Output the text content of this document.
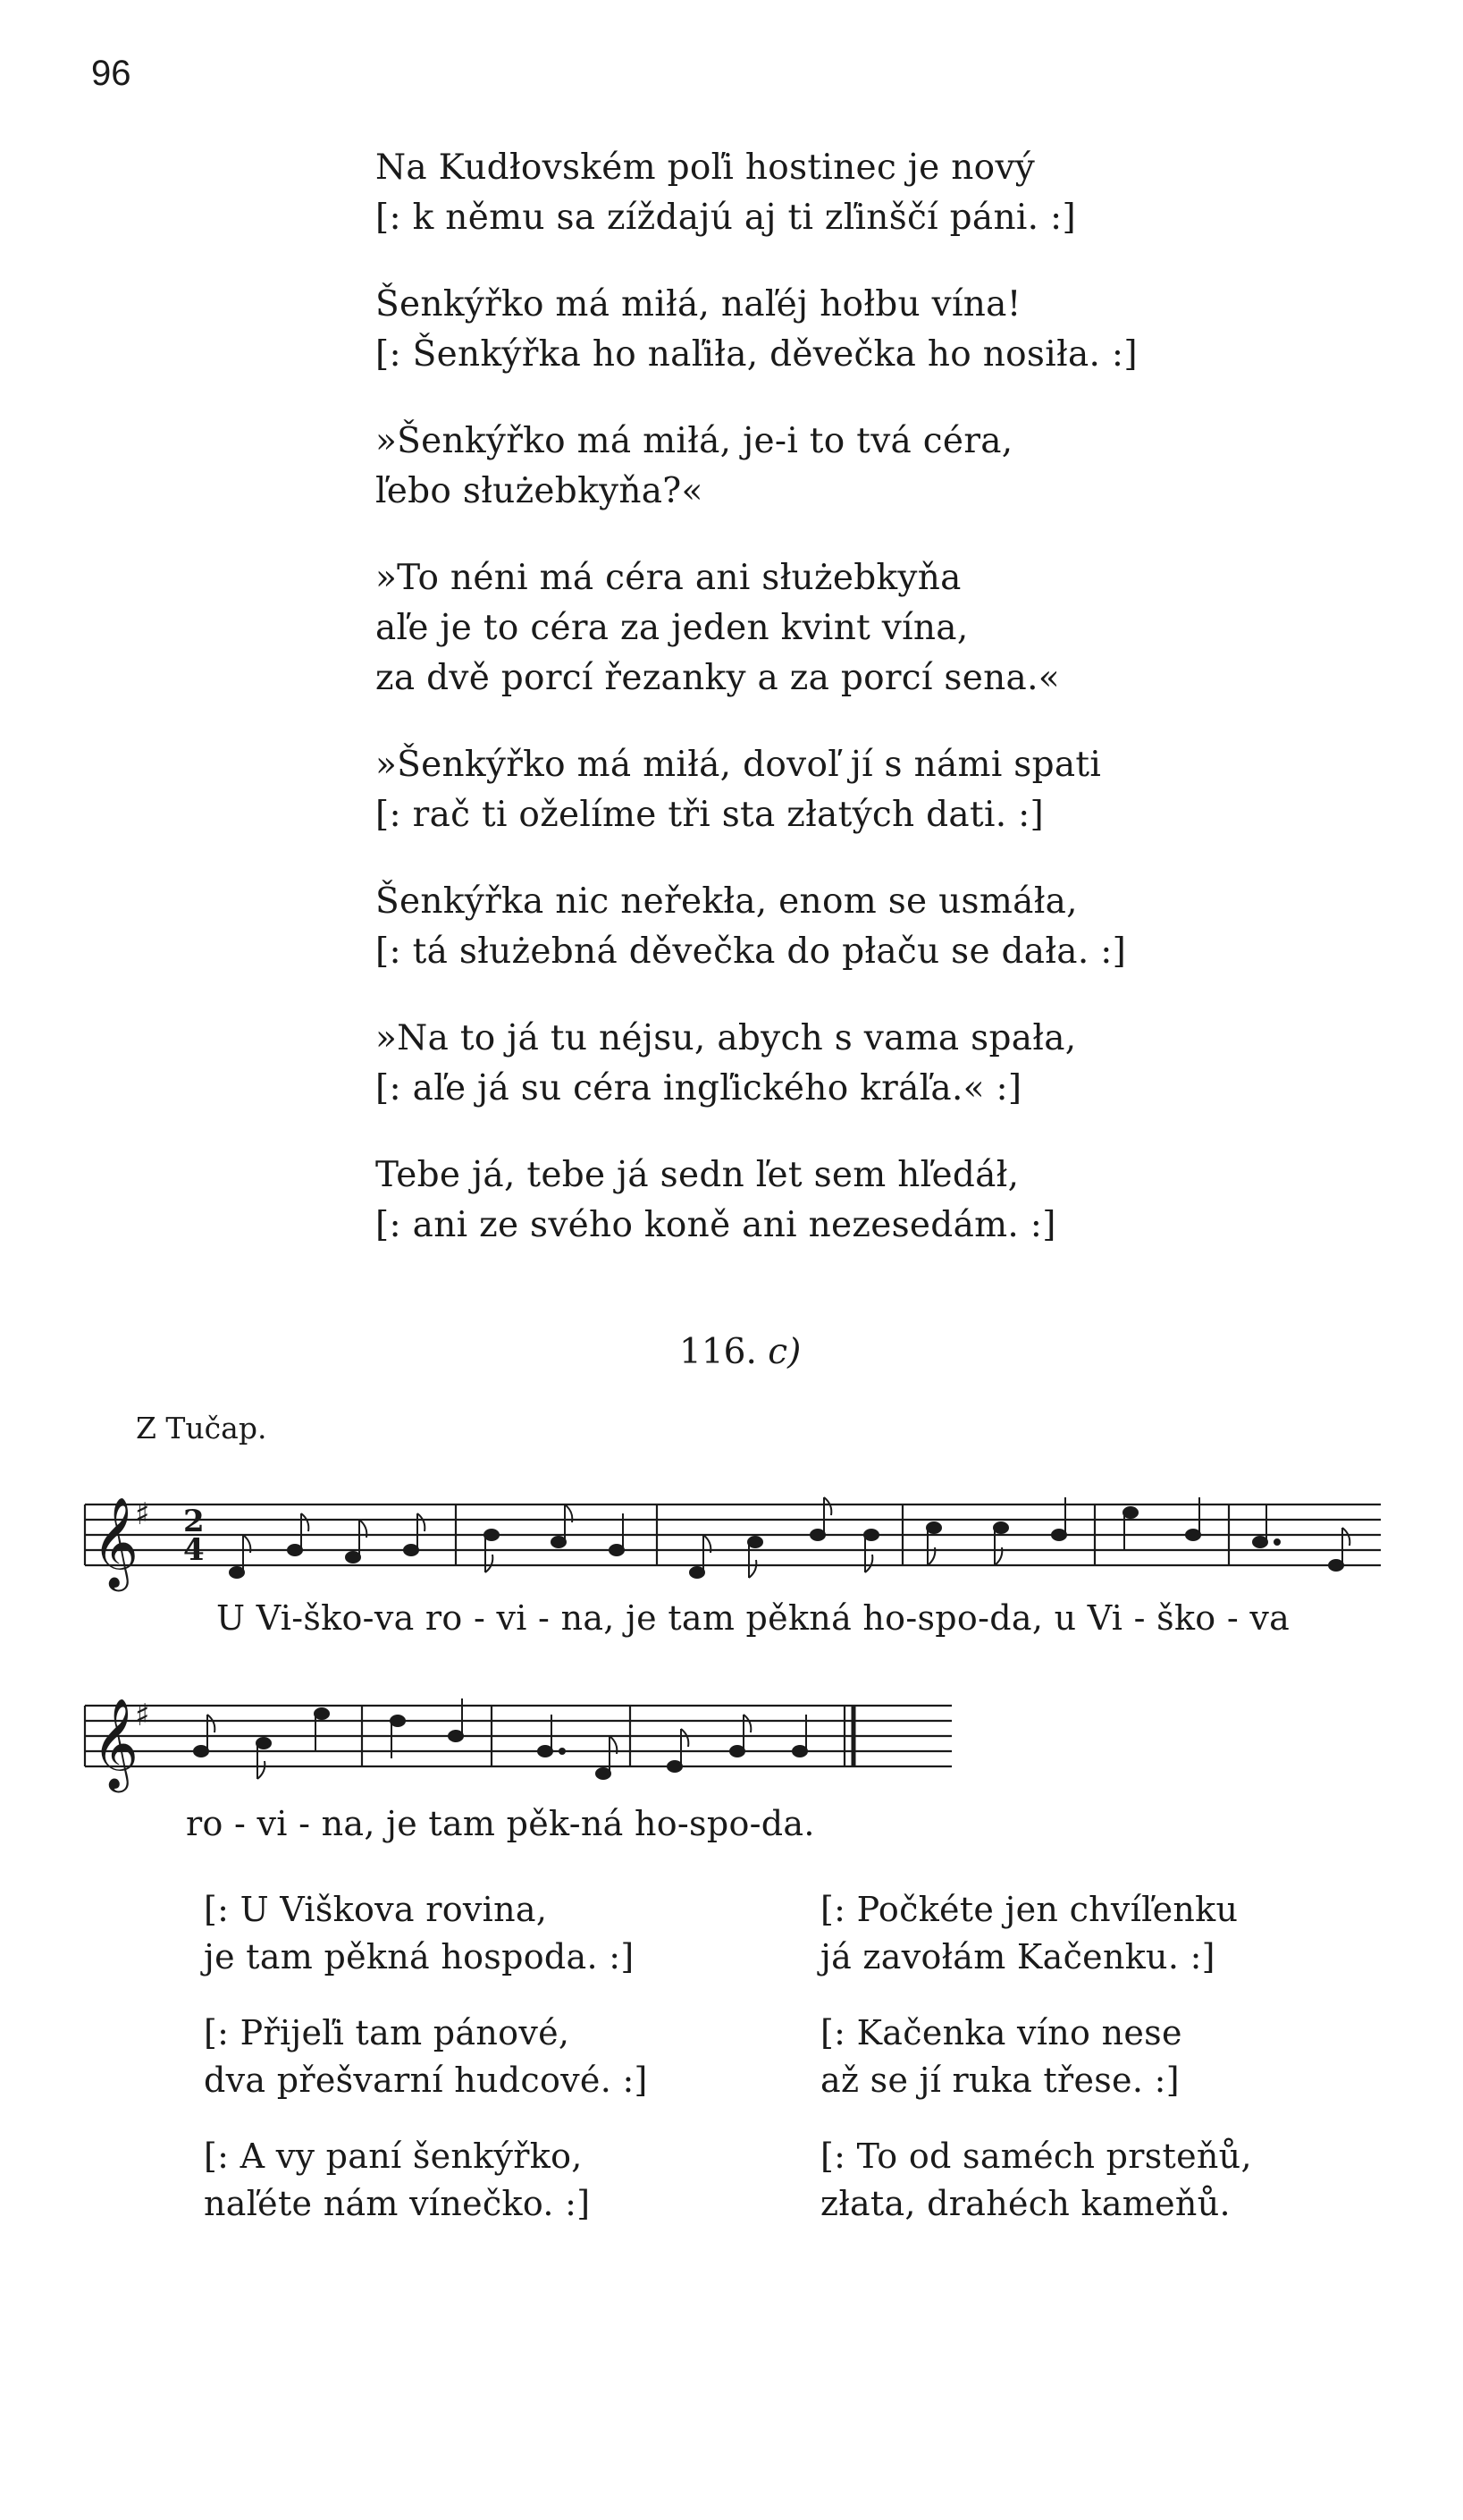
96
Na Kudłovském poľi hostinec je nový
[: k němu sa zíždajú aj ti zľinščí páni. :]
Šenkýřko má miłá, naľéj hołbu vína!
[: Šenkýřka ho naľiła, děvečka ho nosiła. :]
»Šenkýřko má miłá, je-i to tvá céra,
ľebo służebkyňa?«
»To néni má céra ani służebkyňa
aľe je to céra za jeden kvint vína,
za dvě porcí řezanky a za porcí sena.«
»Šenkýřko má miłá, dovoľ jí s námi spati
[: rač ti oželíme tři sta złatých dati. :]
Šenkýřka nic neřekła, enom se usmáła,
[: tá służebná děvečka do płaču se dała. :]
»Na to já tu néjsu, abych s vama spała,
[: aľe já su céra ingľického kráľa.« :]
Tebe já, tebe já sedn ľet sem hľedáł,
[: ani ze svého koně ani nezesedám. :]
116. c)
Z Tučap.
𝄞
♯ 2
4
U Vi-ško-va ro - vi - na, je tam pěkná ho-spo-da, u Vi - ško - va
𝄞
♯
ro - vi - na, je tam pěk-ná ho-spo-da.
[: U Viškova rovina,
je tam pěkná hospoda. :]
[: Přijeľi tam pánové,
dva přešvarní hudcové. :]
[: A vy paní šenkýřko,
naľéte nám vínečko. :]
[: Počkéte jen chvíľenku
já zavołám Kačenku. :]
[: Kačenka víno nese
až se jí ruka třese. :]
[: To od saméch prsteňů,
złata, drahéch kameňů.
